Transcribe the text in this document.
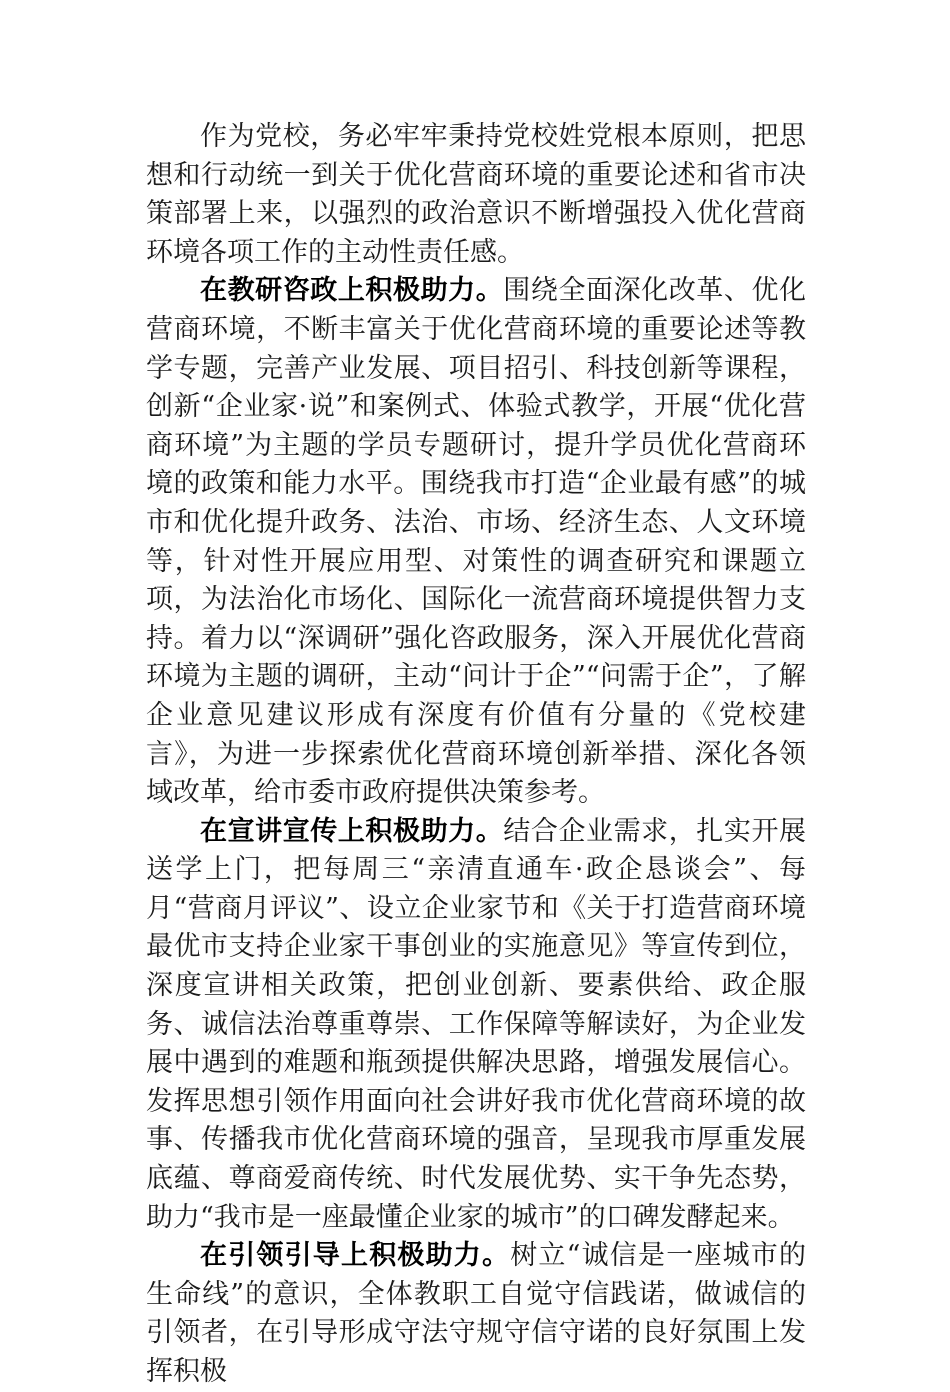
作为党校，务必牢牢秉持党校姓党根本原则，把思想和行动统一到关于优化营商环境的重要论述和省市决策部署上来，以强烈的政治意识不断增强投入优化营商环境各项工作的主动性责任感。

在教研咨政上积极助力。围绕全面深化改革、优化营商环境，不断丰富关于优化营商环境的重要论述等教学专题，完善产业发展、项目招引、科技创新等课程，创新“企业家·说”和案例式、体验式教学，开展“优化营商环境”为主题的学员专题研讨，提升学员优化营商环境的政策和能力水平。围绕我市打造“企业最有感”的城市和优化提升政务、法治、市场、经济生态、人文环境等，针对性开展应用型、对策性的调查研究和课题立项，为法治化市场化、国际化一流营商环境提供智力支持。着力以“深调研”强化咨政服务，深入开展优化营商环境为主题的调研，主动“问计于企”“问需于企”，了解企业意见建议形成有深度有价值有分量的《党校建言》，为进一步探索优化营商环境创新举措、深化各领域改革，给市委市政府提供决策参考。

在宣讲宣传上积极助力。结合企业需求，扎实开展送学上门，把每周三“亲清直通车·政企恳谈会”、每月“营商月评议”、设立企业家节和《关于打造营商环境最优市支持企业家干事创业的实施意见》等宣传到位，深度宣讲相关政策，把创业创新、要素供给、政企服务、诚信法治尊重尊崇、工作保障等解读好，为企业发展中遇到的难题和瓶颈提供解决思路，增强发展信心。发挥思想引领作用面向社会讲好我市优化营商环境的故事、传播我市优化营商环境的强音，呈现我市厚重发展底蕴、尊商爱商传统、时代发展优势、实干争先态势，助力“我市是一座最懂企业家的城市”的口碑发酵起来。

在引领引导上积极助力。树立“诚信是一座城市的生命线”的意识，全体教职工自觉守信践诺，做诚信的引领者，在引导形成守法守规守信守诺的良好氛围上发挥积极
